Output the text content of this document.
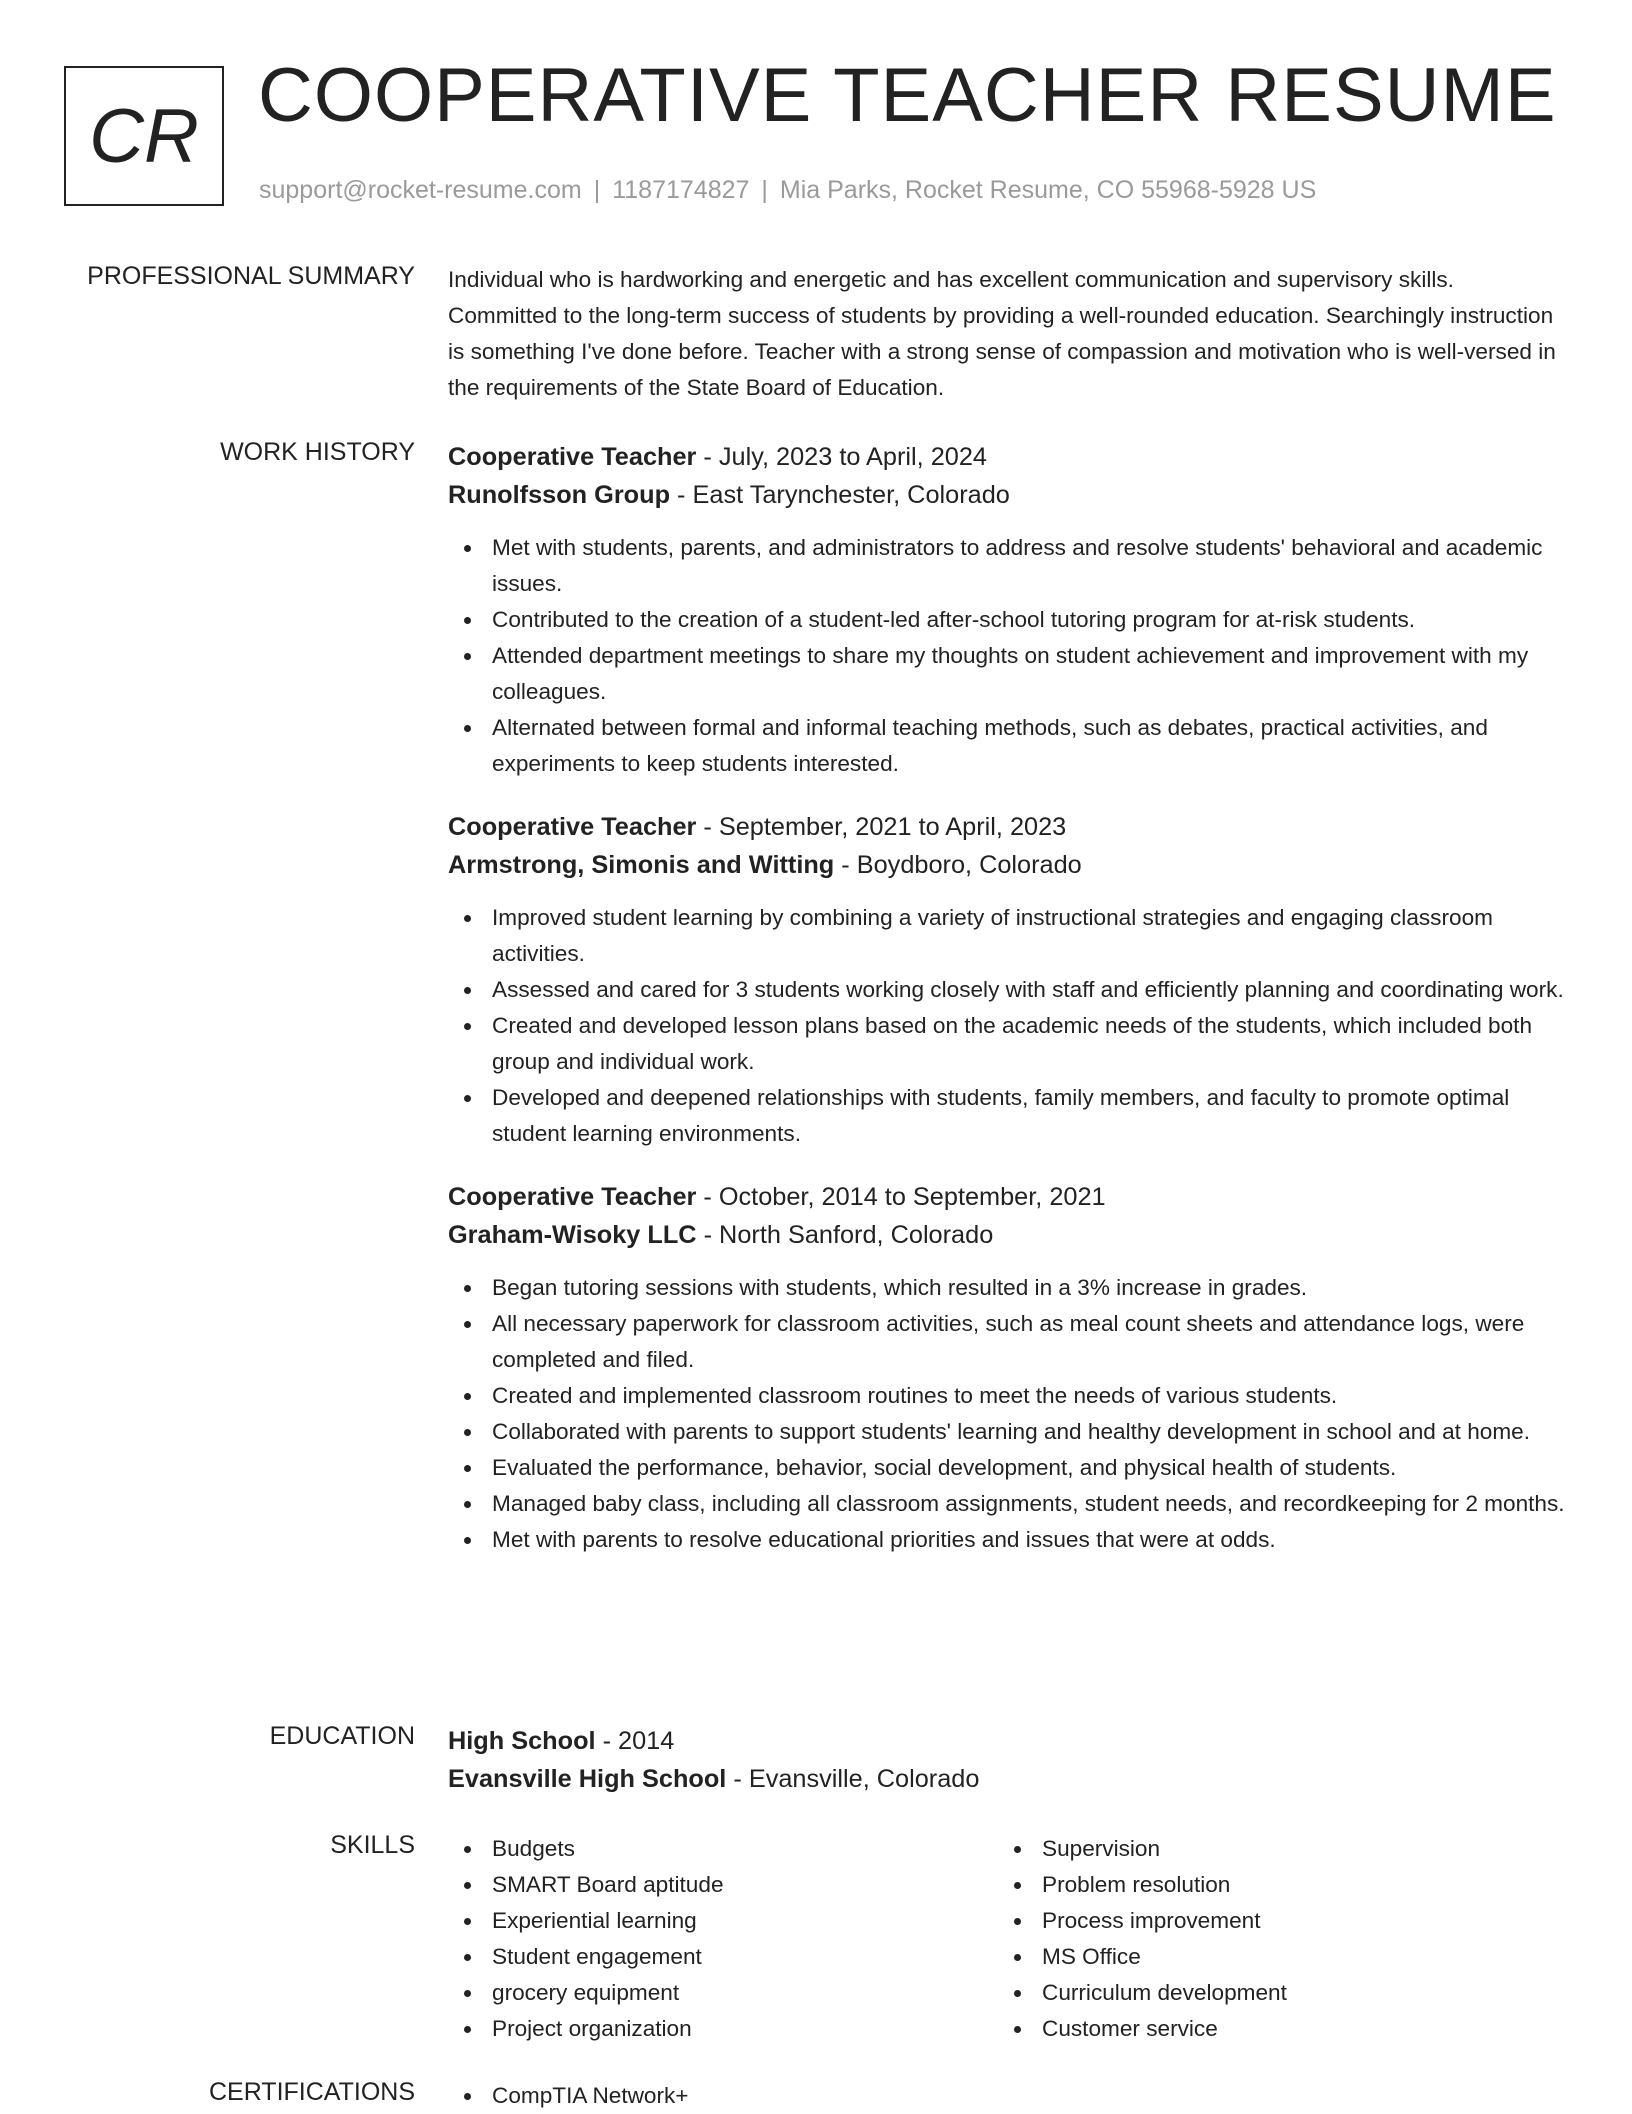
CR COOPERATIVE TEACHER RESUME
support@rocket-resume.com | 1187174827 | Mia Parks, Rocket Resume, CO 55968-5928 US
PROFESSIONAL SUMMARY Individual who is hardworking and energetic and has excellent communication and supervisory skills. Committed to the long-term success of students by providing a well-rounded education. Searchingly instruction is something I've done before. Teacher with a strong sense of compassion and motivation who is well-versed in the requirements of the State Board of Education.

WORK HISTORY Cooperative Teacher - July, 2023 to April, 2024
Runolfsson Group - East Tarynchester, Colorado
Met with students, parents, and administrators to address and resolve students' behavioral and academic issues.
Contributed to the creation of a student-led after-school tutoring program for at-risk students.
Attended department meetings to share my thoughts on student achievement and improvement with my colleagues.
Alternated between formal and informal teaching methods, such as debates, practical activities, and experiments to keep students interested.
Cooperative Teacher - September, 2021 to April, 2023
Armstrong, Simonis and Witting - Boydboro, Colorado
Improved student learning by combining a variety of instructional strategies and engaging classroom activities.
Assessed and cared for 3 students working closely with staff and efficiently planning and coordinating work.
Created and developed lesson plans based on the academic needs of the students, which included both group and individual work.
Developed and deepened relationships with students, family members, and faculty to promote optimal student learning environments.
Cooperative Teacher - October, 2014 to September, 2021
Graham-Wisoky LLC - North Sanford, Colorado
Began tutoring sessions with students, which resulted in a 3% increase in grades.
All necessary paperwork for classroom activities, such as meal count sheets and attendance logs, were completed and filed.
Created and implemented classroom routines to meet the needs of various students.
Collaborated with parents to support students' learning and healthy development in school and at home.
Evaluated the performance, behavior, social development, and physical health of students.
Managed baby class, including all classroom assignments, student needs, and recordkeeping for 2 months.
Met with parents to resolve educational priorities and issues that were at odds.
EDUCATION High School - 2014
Evansville High School - Evansville, Colorado
SKILLS	Budgets
SMART Board aptitude
Experiential learning
Student engagement
grocery equipment
Project organization
Supervision
Problem resolution
Process improvement
MS Office
Curriculum development
Customer service
CERTIFICATIONS	CompTIA Network+
